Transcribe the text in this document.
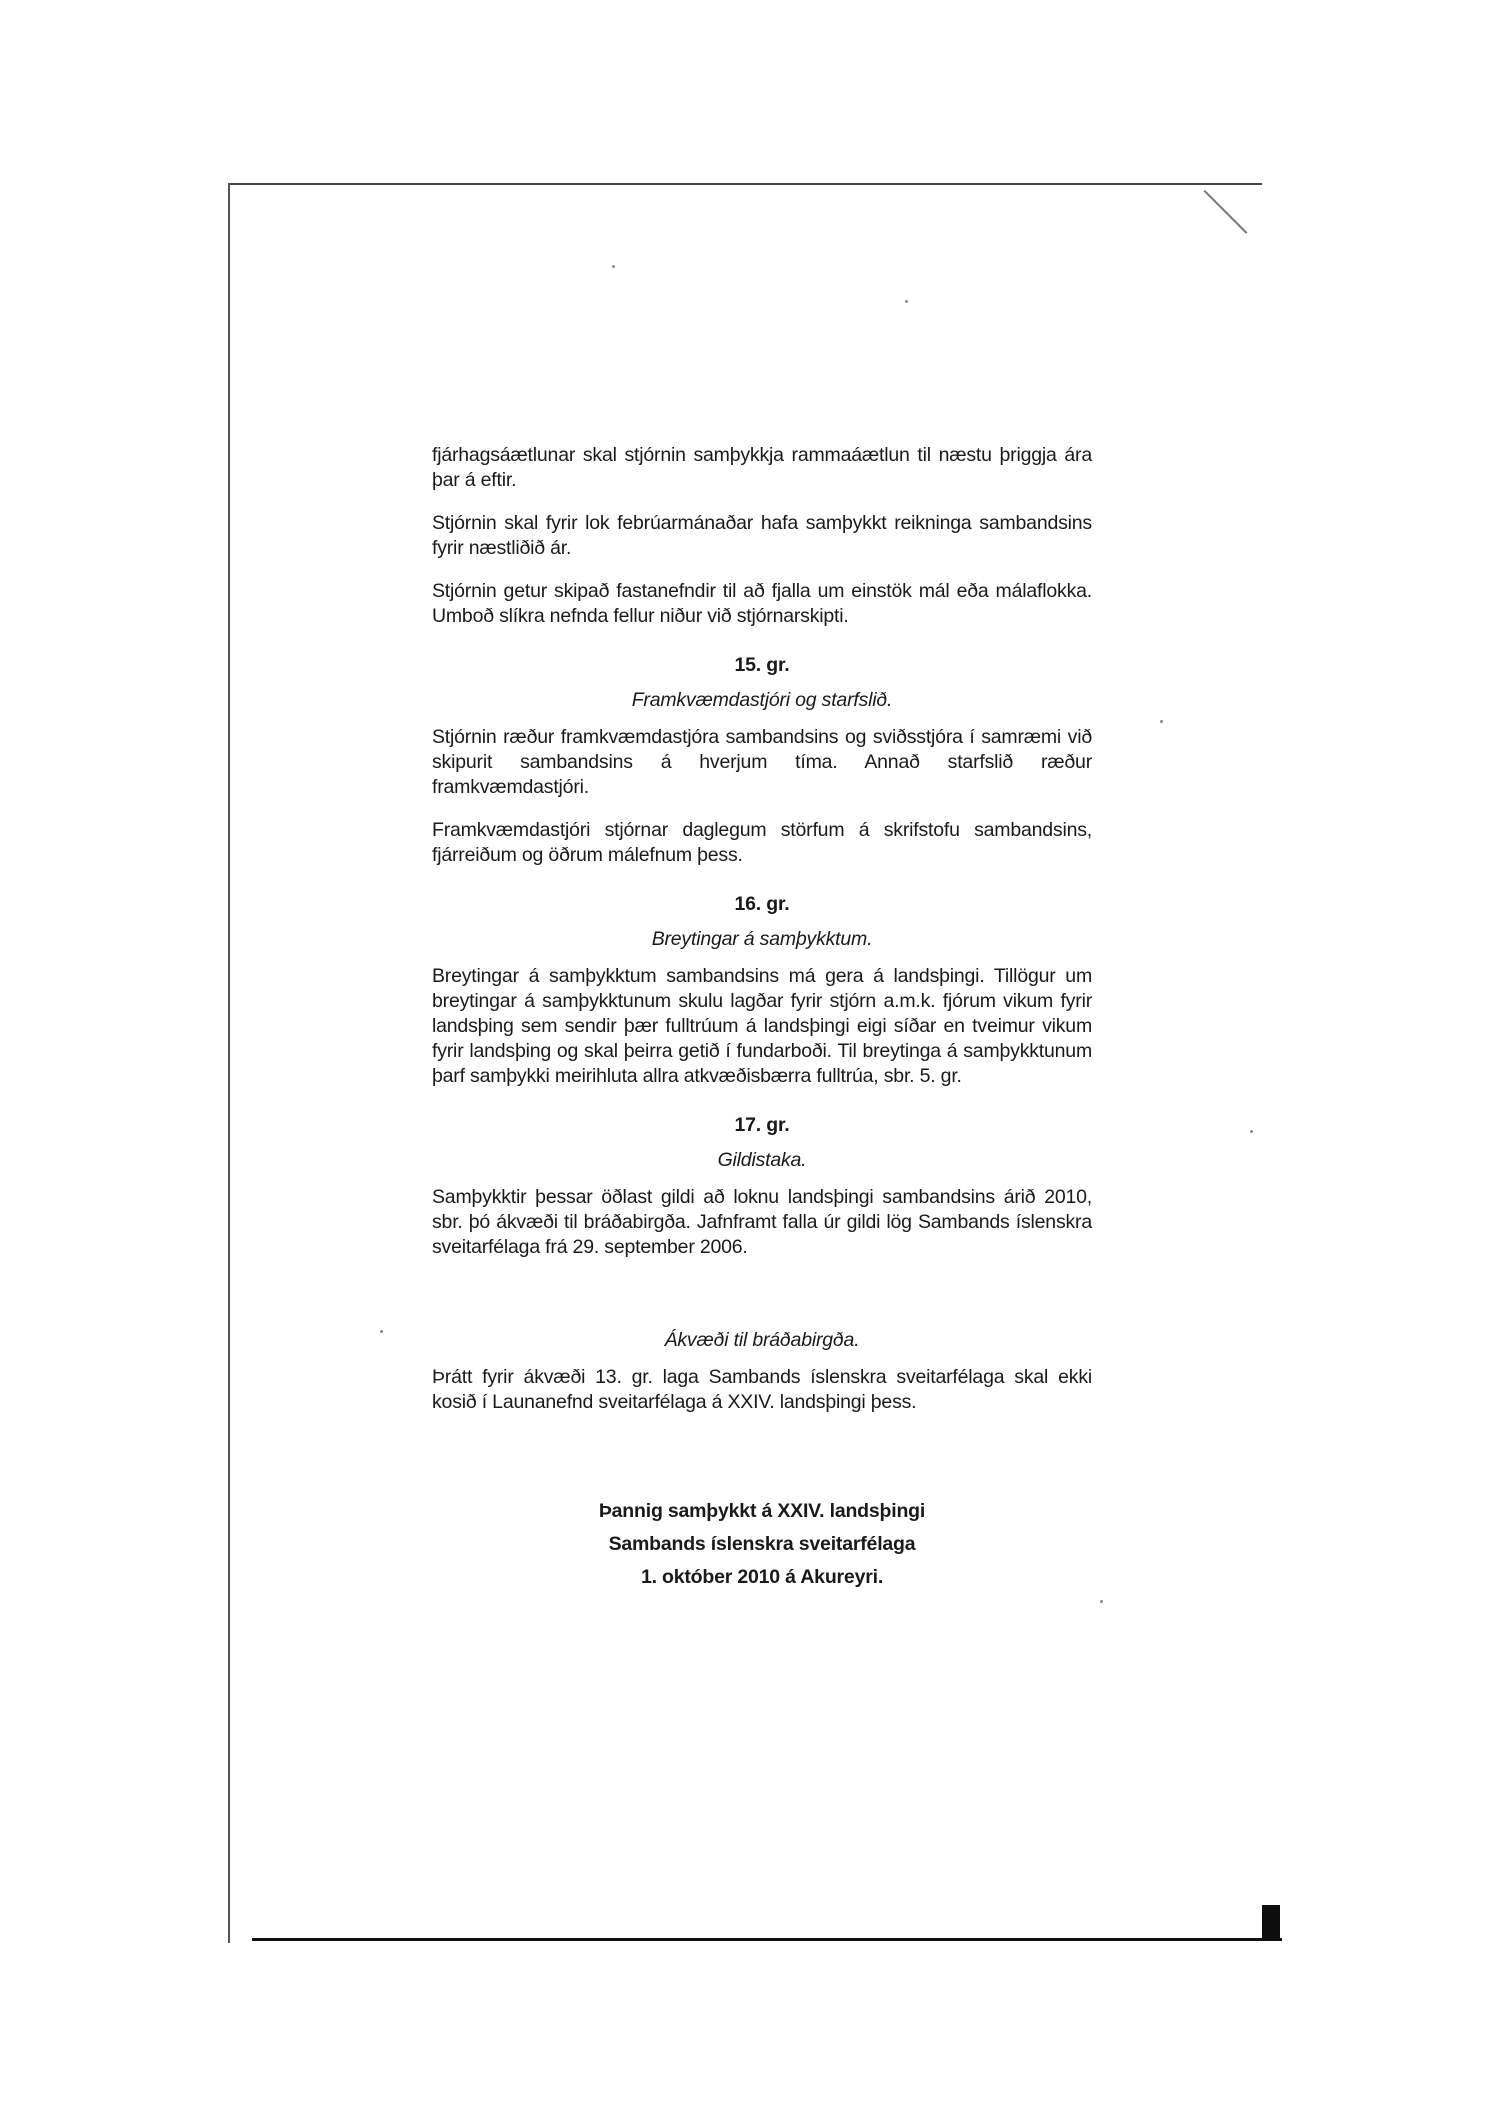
fjárhagsáætlunar skal stjórnin samþykkja rammaáætlun til næstu þriggja ára þar á eftir.

Stjórnin skal fyrir lok febrúarmánaðar hafa samþykkt reikninga sambandsins fyrir næstliðið ár.

Stjórnin getur skipað fastanefndir til að fjalla um einstök mál eða málaflokka. Umboð slíkra nefnda fellur niður við stjórnarskipti.

15. gr.
Framkvæmdastjóri og starfslið.

Stjórnin ræður framkvæmdastjóra sambandsins og sviðsstjóra í samræmi við skipurit sambandsins á hverjum tíma. Annað starfslið ræður framkvæmdastjóri.

Framkvæmdastjóri stjórnar daglegum störfum á skrifstofu sambandsins, fjárreiðum og öðrum málefnum þess.

16. gr.
Breytingar á samþykktum.

Breytingar á samþykktum sambandsins má gera á landsþingi. Tillögur um breytingar á samþykktunum skulu lagðar fyrir stjórn a.m.k. fjórum vikum fyrir landsþing sem sendir þær fulltrúum á landsþingi eigi síðar en tveimur vikum fyrir landsþing og skal þeirra getið í fundarboði. Til breytinga á samþykktunum þarf samþykki meirihluta allra atkvæðisbærra fulltrúa, sbr. 5. gr.

17. gr.
Gildistaka.

Samþykktir þessar öðlast gildi að loknu landsþingi sambandsins árið 2010, sbr. þó ákvæði til bráðabirgða. Jafnframt falla úr gildi lög Sambands íslenskra sveitarfélaga frá 29. september 2006.

Ákvæði til bráðabirgða.

Þrátt fyrir ákvæði 13. gr. laga Sambands íslenskra sveitarfélaga skal ekki kosið í Launanefnd sveitarfélaga á XXIV. landsþingi þess.

Þannig samþykkt á XXIV. landsþingi
Sambands íslenskra sveitarfélaga
1. október 2010 á Akureyri.
